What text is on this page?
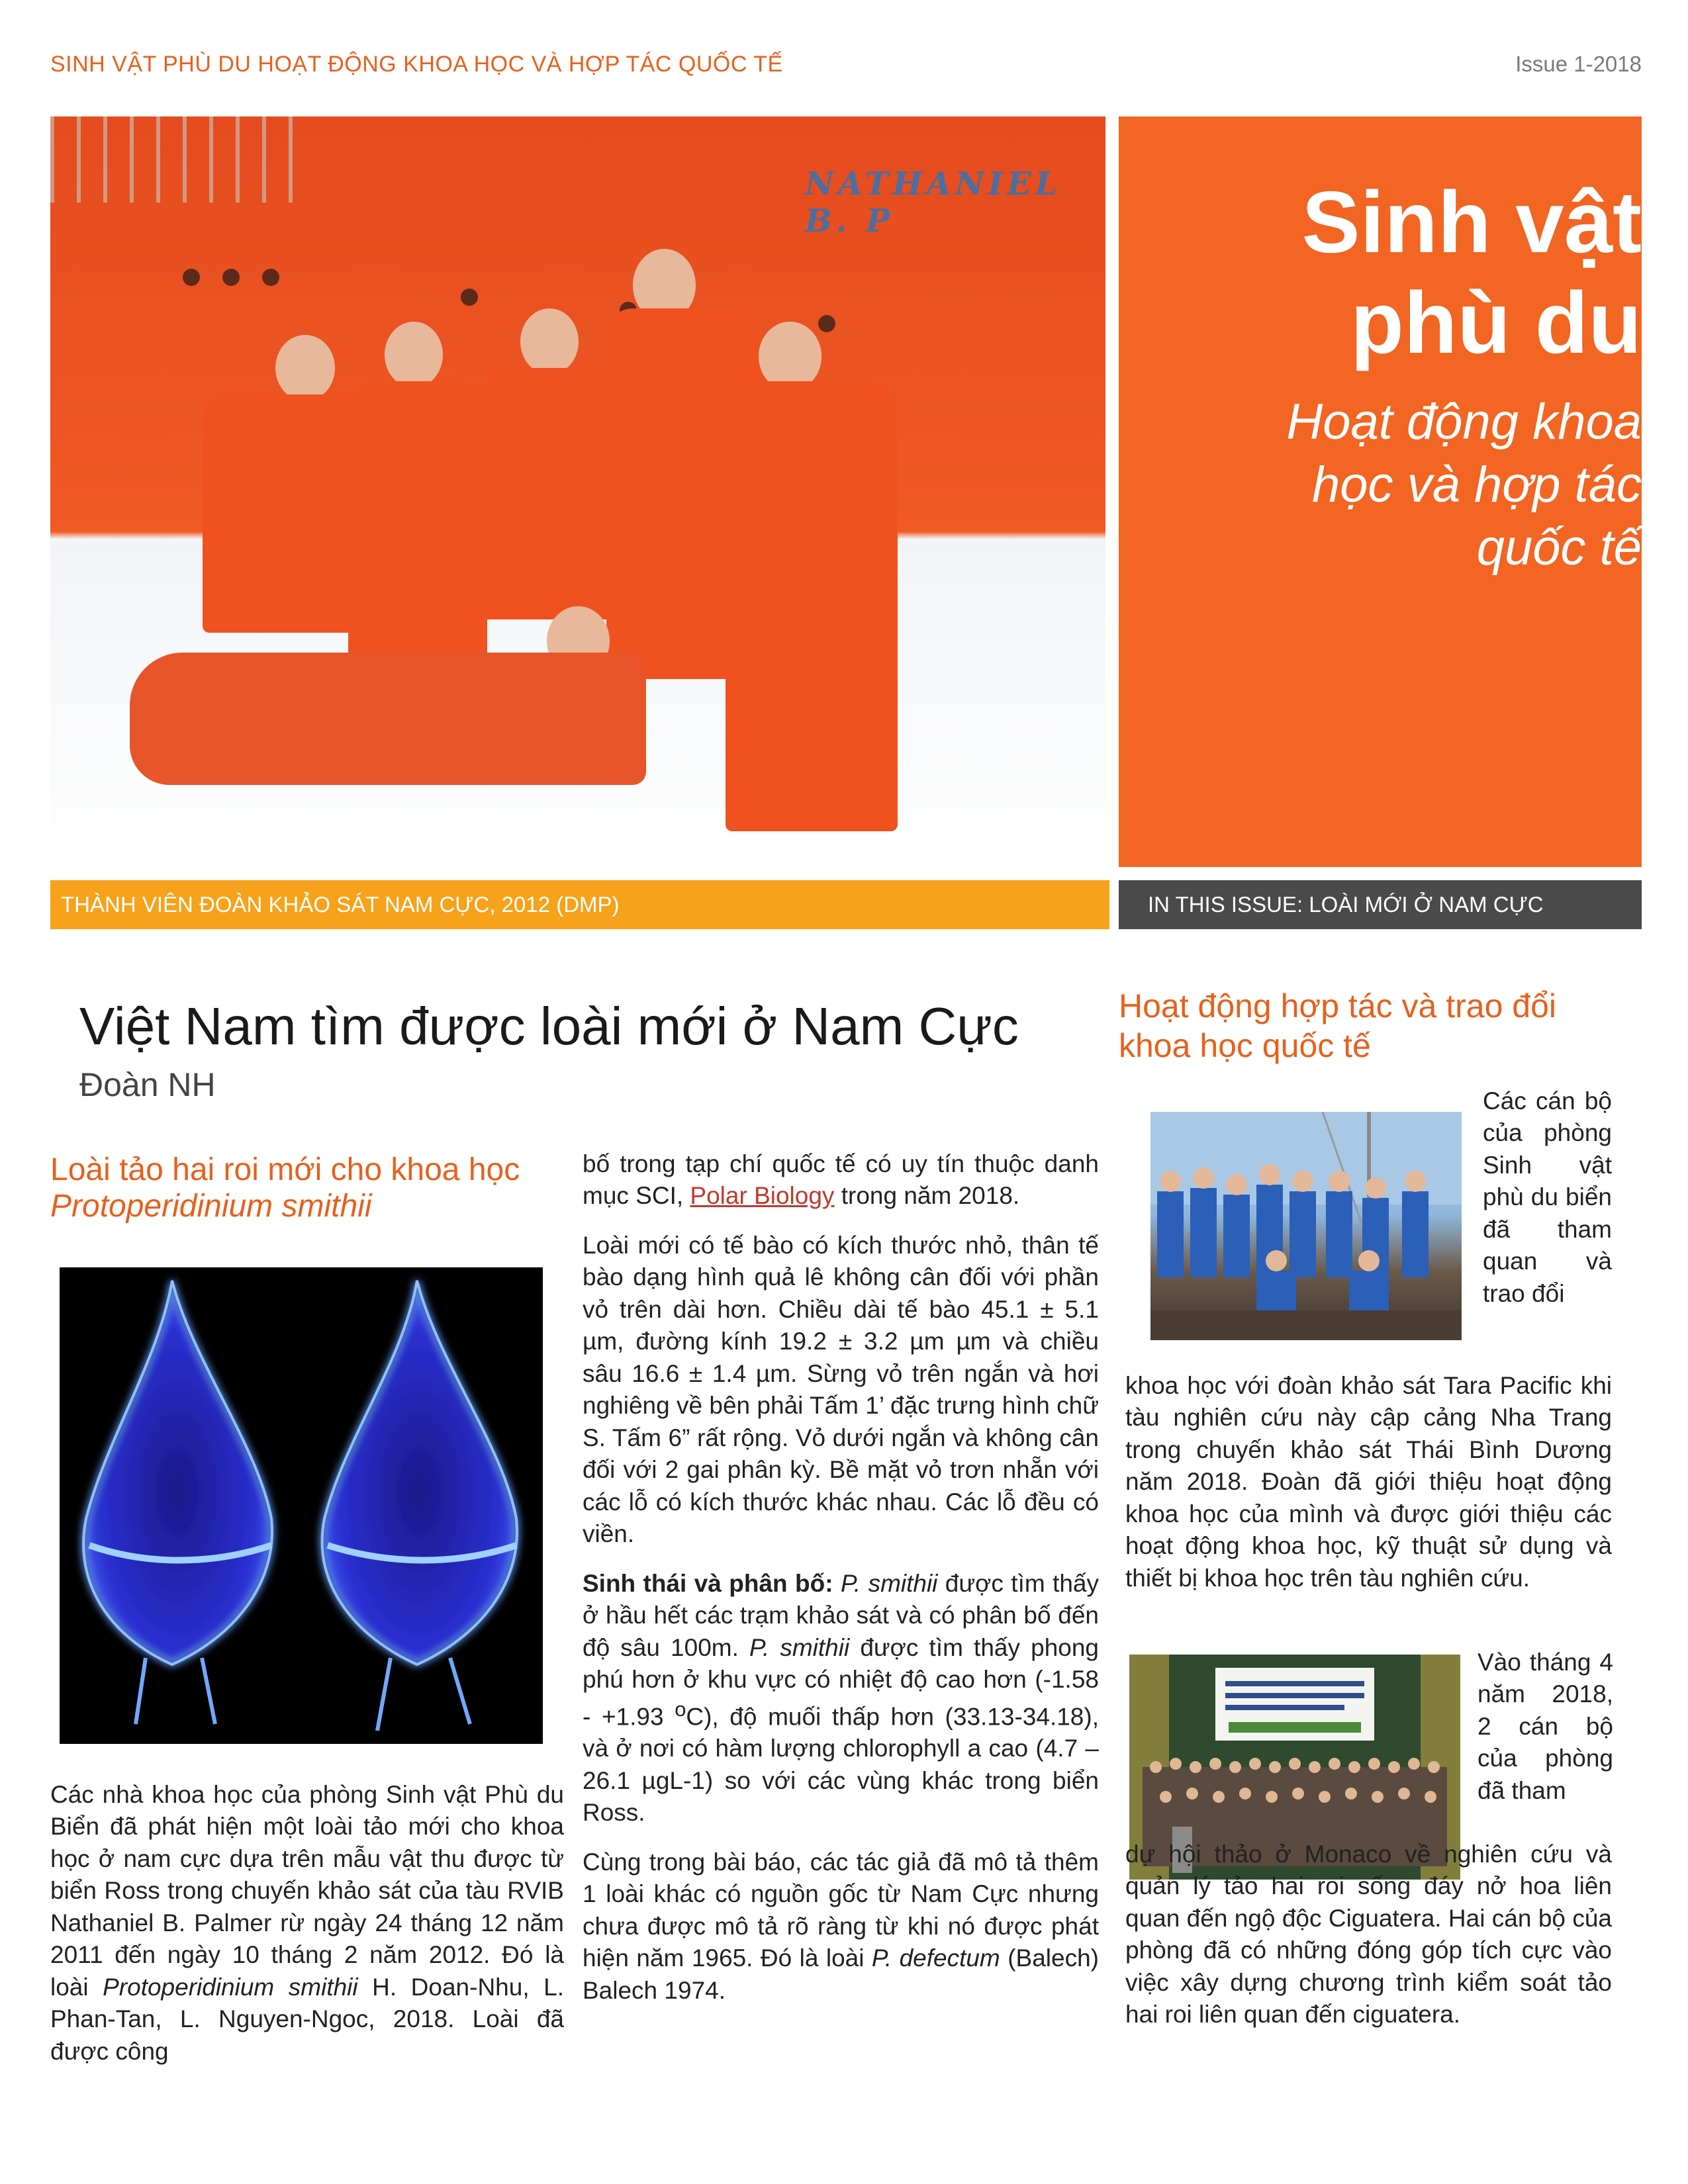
SINH VẬT PHÙ DU HOẠT ĐỘNG KHOA HỌC VÀ HỢP TÁC QUỐC TẾ	Issue 1-2018
NATHANIEL B. P	Sinh vật
phù du
Hoạt động khoa
học và hợp tác
quốc tế
THÀNH VIÊN ĐOÀN KHẢO SÁT NAM CỰC, 2012 (DMP)	IN THIS ISSUE: LOÀI MỚI Ở NAM CỰC
Việt Nam tìm được loài mới ở Nam Cực
Đoàn NH
Loài tảo hai roi mới cho khoa học
Protoperidinium smithii
Các nhà khoa học của phòng Sinh vật Phù du Biển đã phát hiện một loài tảo mới cho khoa học ở nam cực dựa trên mẫu vật thu được từ biển Ross trong chuyến khảo sát của tàu RVIB Nathaniel B. Palmer rừ ngày 24 tháng 12 năm 2011 đến ngày 10 tháng 2 năm 2012. Đó là loài Protoperidinium smithii H. Doan-Nhu, L. Phan-Tan, L. Nguyen-Ngoc, 2018. Loài đã được công

bố trong tạp chí quốc tế có uy tín thuộc danh mục SCI, Polar Biology trong năm 2018.

Loài mới có tế bào có kích thước nhỏ, thân tế bào dạng hình quả lê không cân đối với phần vỏ trên dài hơn. Chiều dài tế bào 45.1 ± 5.1 µm, đường kính 19.2 ± 3.2 µm µm và chiều sâu 16.6 ± 1.4 µm. Sừng vỏ trên ngắn và hơi nghiêng về bên phải Tấm 1’ đặc trưng hình chữ S. Tấm 6” rất rộng. Vỏ dưới ngắn và không cân đối với 2 gai phân kỳ. Bề mặt vỏ trơn nhẵn với các lỗ có kích thước khác nhau. Các lỗ đều có viền.

Sinh thái và phân bố: P. smithii được tìm thấy ở hầu hết các trạm khảo sát và có phân bố đến độ sâu 100m. P. smithii được tìm thấy phong phú hơn ở khu vực có nhiệt độ cao hơn (-1.58 - +1.93 $^o$C), độ muối thấp hơn (33.13-34.18), và ở nơi có hàm lượng chlorophyll a cao (4.7 – 26.1 µgL-1) so với các vùng khác trong biển Ross.

Cùng trong bài báo, các tác giả đã mô tả thêm 1 loài khác có nguồn gốc từ Nam Cực nhưng chưa được mô tả rõ ràng từ khi nó được phát hiện năm 1965. Đó là loài P. defectum (Balech) Balech 1974.

Hoạt động hợp tác và trao đổi khoa học quốc tế
Các cán bộ của phòng Sinh vật phù du biển đã tham quan và trao đổi
khoa học với đoàn khảo sát Tara Pacific khi tàu nghiên cứu này cập cảng Nha Trang trong chuyến khảo sát Thái Bình Dương năm 2018. Đoàn đã giới thiệu hoạt động khoa học của mình và được giới thiệu các hoạt động khoa học, kỹ thuật sử dụng và thiết bị khoa học trên tàu nghiên cứu.
Vào tháng 4 năm 2018, 2 cán bộ của phòng đã tham
dự hội thảo ở Monaco về nghiên cứu và quản lý tảo hai roi sống đáy nở hoa liên quan đến ngộ độc Ciguatera. Hai cán bộ của phòng đã có những đóng góp tích cực vào việc xây dựng chương trình kiểm soát tảo hai roi liên quan đến ciguatera.
